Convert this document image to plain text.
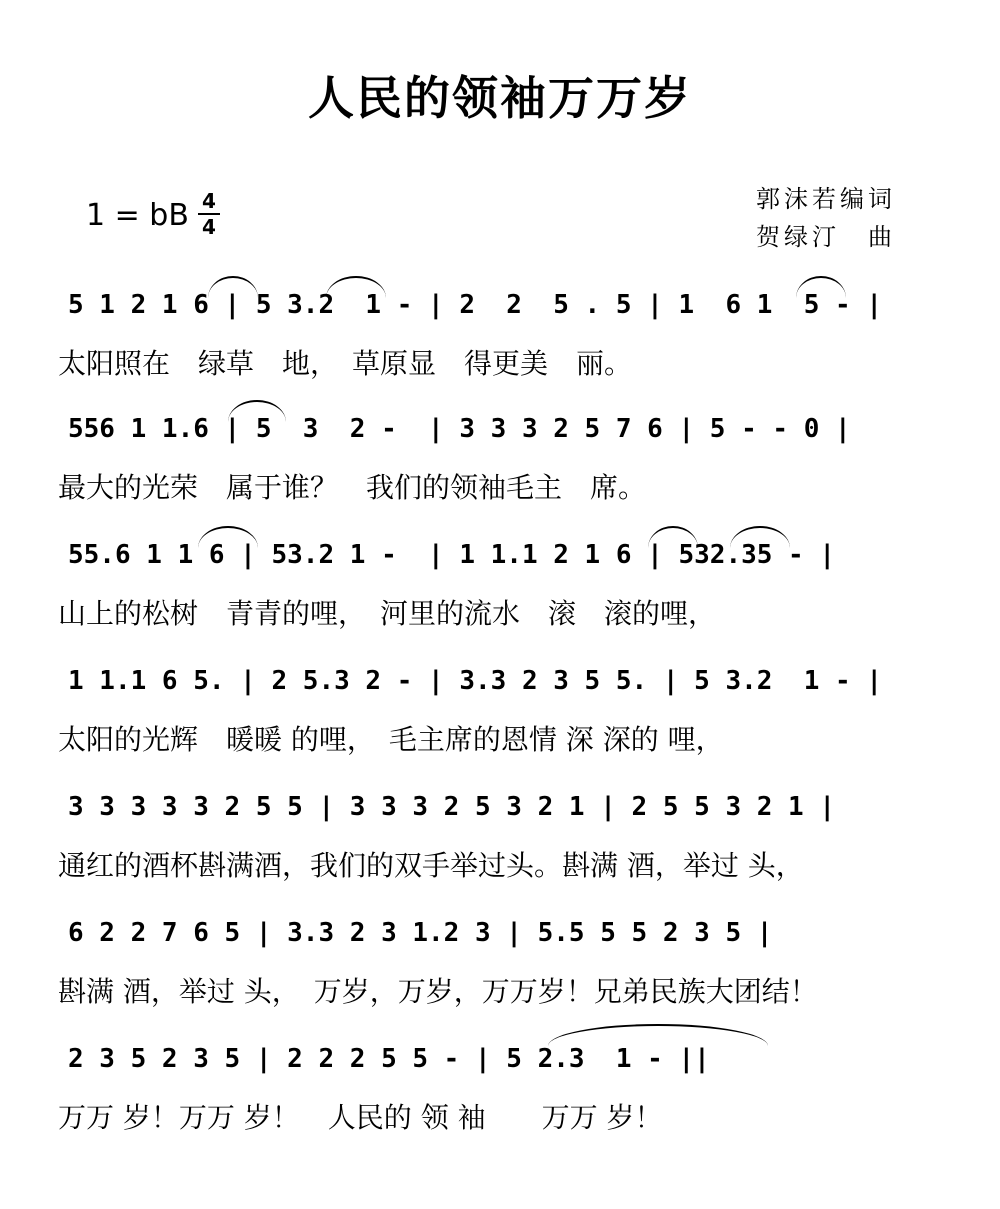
人民的领袖万万岁
1 = bB 4
4
郭沫若编词
贺绿汀　曲
5 1 2 1 6 | 5 3.2  1 - | 2  2  5 . 5 | 1  6 1  5 - |
太阳照在　绿草　地，　草原显　得更美　丽。
556 1 1.6 | 5  3  2 -  | 3 3 3 2 5 7 6 | 5 - - 0 |
最大的光荣　属于谁？　我们的领袖毛主　席。
55.6 1 1 6 | 53.2 1 -  | 1 1.1 2 1 6 | 532.35 - |
山上的松树　青青的哩，　河里的流水　滚　滚的哩，
1 1.1 6 5. | 2 5.3 2 - | 3.3 2 3 5 5. | 5 3.2  1 - |
太阳的光辉　暖暖 的哩，　毛主席的恩情 深 深的 哩，
3 3 3 3 3 2 5 5 | 3 3 3 2 5 3 2 1 | 2 5 5 3 2 1 |
通红的酒杯斟满酒，我们的双手举过头。斟满 酒，举过 头，
6 2 2 7 6 5 | 3.3 2 3 1.2 3 | 5.5 5 5 2 3 5 |
斟满 酒，举过 头，　万岁，万岁，万万岁！兄弟民族大团结！
2 3 5 2 3 5 | 2 2 2 5 5 - | 5 2.3  1 - ||
万万 岁！万万 岁！　人民的 领 袖　　万万 岁！
